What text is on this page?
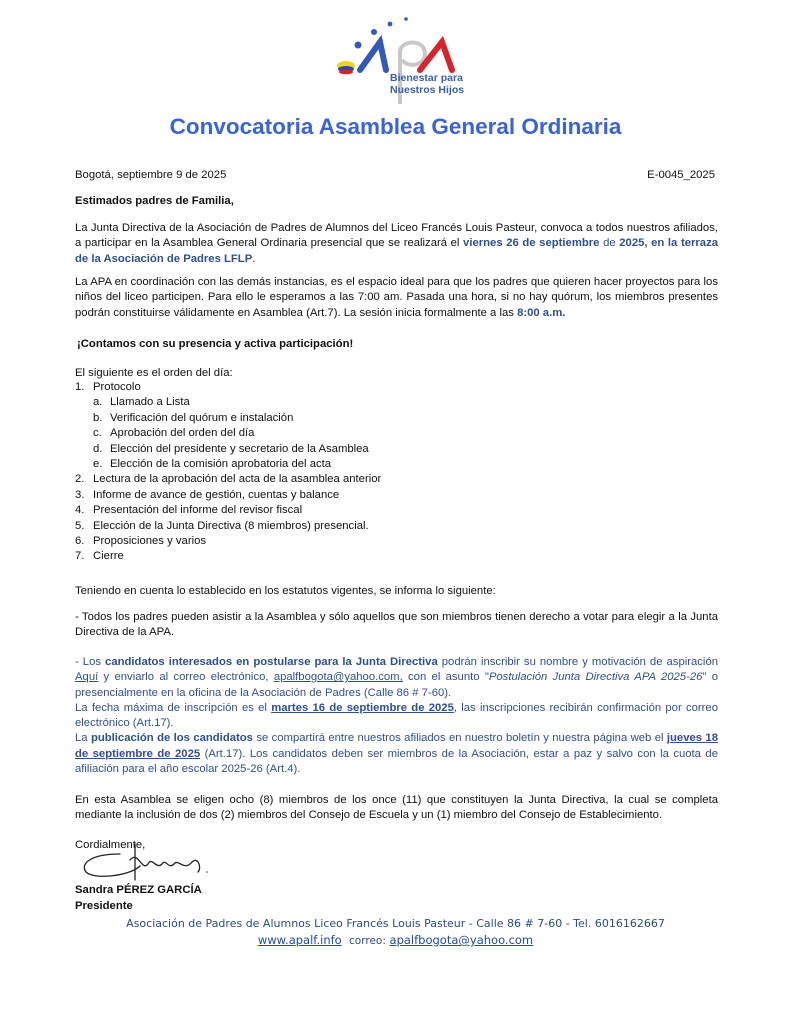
Bienestar para
Nuestros Hijos
Convocatoria Asamblea General Ordinaria
Bogotá, septiembre 9 de 2025	E-0045_2025
Estimados padres de Familia,
La Junta Directiva de la Asociación de Padres de Alumnos del Liceo Francés Louis Pasteur, convoca a todos nuestros afiliados, a participar en la Asamblea General Ordinaria presencial que se realizará el viernes 26 de septiembre de 2025, en la terraza de la Asociación de Padres LFLP.
La APA en coordinación con las demás instancias, es el espacio ideal para que los padres que quieren hacer proyectos para los niños del liceo participen. Para ello le esperamos a las 7:00 am. Pasada una hora, si no hay quórum, los miembros presentes podrán constituirse válidamente en Asamblea (Art.7). La sesión inicia formalmente a las 8:00 a.m.
¡Contamos con su presencia y activa participación!
El siguiente es el orden del día:
1. Protocolo
a. Llamado a Lista
b. Verificación del quórum e instalación
c. Aprobación del orden del día
d. Elección del presidente y secretario de la Asamblea
e. Elección de la comisión aprobatoria del acta
2. Lectura de la aprobación del acta de la asamblea anterior
3. Informe de avance de gestión, cuentas y balance
4. Presentación del informe del revisor fiscal
5. Elección de la Junta Directiva (8 miembros) presencial.
6. Proposiciones y varios
7. Cierre
Teniendo en cuenta lo establecido en los estatutos vigentes, se informa lo siguiente:
- Todos los padres pueden asistir a la Asamblea y sólo aquellos que son miembros tienen derecho a votar para elegir a la Junta Directiva de la APA.
- Los candidatos interesados en postularse para la Junta Directiva podrán inscribir su nombre y motivación de aspiración Aquí y enviarlo al correo electrónico, apalfbogota@yahoo.com, con el asunto "Postulación Junta Directiva APA 2025-26" o presencialmente en la oficina de la Asociación de Padres (Calle 86 # 7-60).
La fecha máxima de inscripción es el martes 16 de septiembre de 2025, las inscripciones recibirán confirmación por correo electrónico (Art.17).
La publicación de los candidatos se compartirá entre nuestros afiliados en nuestro boletín y nuestra página web el jueves 18 de septiembre de 2025 (Art.17). Los candidatos deben ser miembros de la Asociación, estar a paz y salvo con la cuota de afiliación para el año escolar 2025-26 (Art.4).
En esta Asamblea se eligen ocho (8) miembros de los once (11) que constituyen la Junta Directiva, la cual se completa mediante la inclusión de dos (2) miembros del Consejo de Escuela y un (1) miembro del Consejo de Establecimiento.
Cordialmente,
Sandra PÉREZ GARCÍA
Presidente
Asociación de Padres de Alumnos Liceo Francés Louis Pasteur - Calle 86 # 7-60 - Tel. 6016162667
www.apalf.info correo: apalfbogota@yahoo.com
